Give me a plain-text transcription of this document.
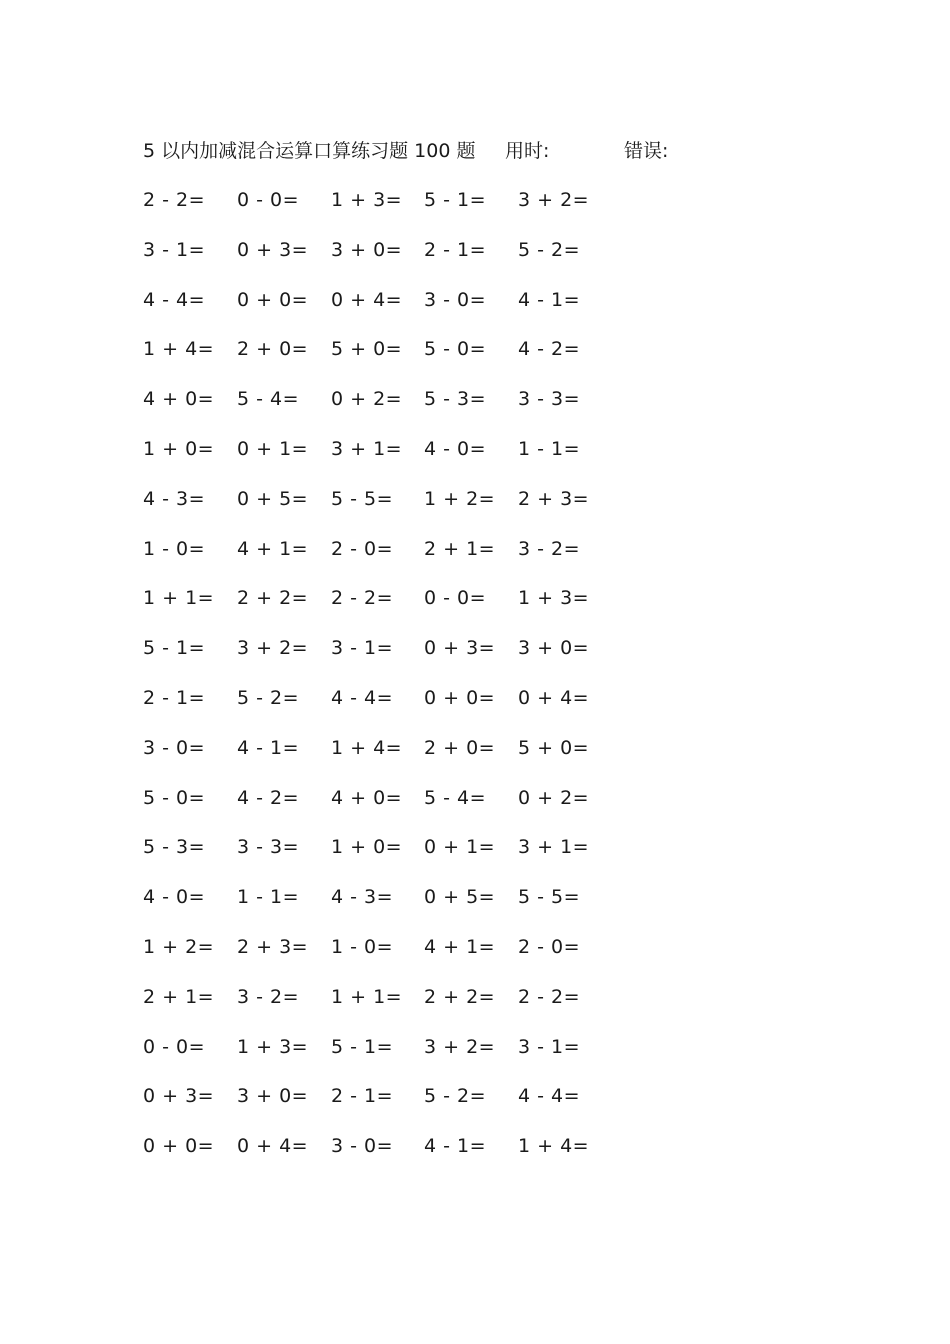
5 以内加减混合运算口算练习题 100 题 用时:	错误:
2 - 2= 0 - 0= 1 + 3= 5 - 1= 3 + 2=
3 - 1= 0 + 3= 3 + 0= 2 - 1= 5 - 2=
4 - 4= 0 + 0= 0 + 4= 3 - 0= 4 - 1=
1 + 4= 2 + 0= 5 + 0= 5 - 0= 4 - 2=
4 + 0= 5 - 4= 0 + 2= 5 - 3= 3 - 3=
1 + 0= 0 + 1= 3 + 1= 4 - 0= 1 - 1=
4 - 3= 0 + 5= 5 - 5= 1 + 2= 2 + 3=
1 - 0= 4 + 1= 2 - 0= 2 + 1= 3 - 2=
1 + 1= 2 + 2= 2 - 2= 0 - 0= 1 + 3=
5 - 1= 3 + 2= 3 - 1= 0 + 3= 3 + 0=
2 - 1= 5 - 2= 4 - 4= 0 + 0= 0 + 4=
3 - 0= 4 - 1= 1 + 4= 2 + 0= 5 + 0=
5 - 0= 4 - 2= 4 + 0= 5 - 4= 0 + 2=
5 - 3= 3 - 3= 1 + 0= 0 + 1= 3 + 1=
4 - 0= 1 - 1= 4 - 3= 0 + 5= 5 - 5=
1 + 2= 2 + 3= 1 - 0= 4 + 1= 2 - 0=
2 + 1= 3 - 2= 1 + 1= 2 + 2= 2 - 2=
0 - 0= 1 + 3= 5 - 1= 3 + 2= 3 - 1=
0 + 3= 3 + 0= 2 - 1= 5 - 2= 4 - 4=
0 + 0= 0 + 4= 3 - 0= 4 - 1= 1 + 4=
